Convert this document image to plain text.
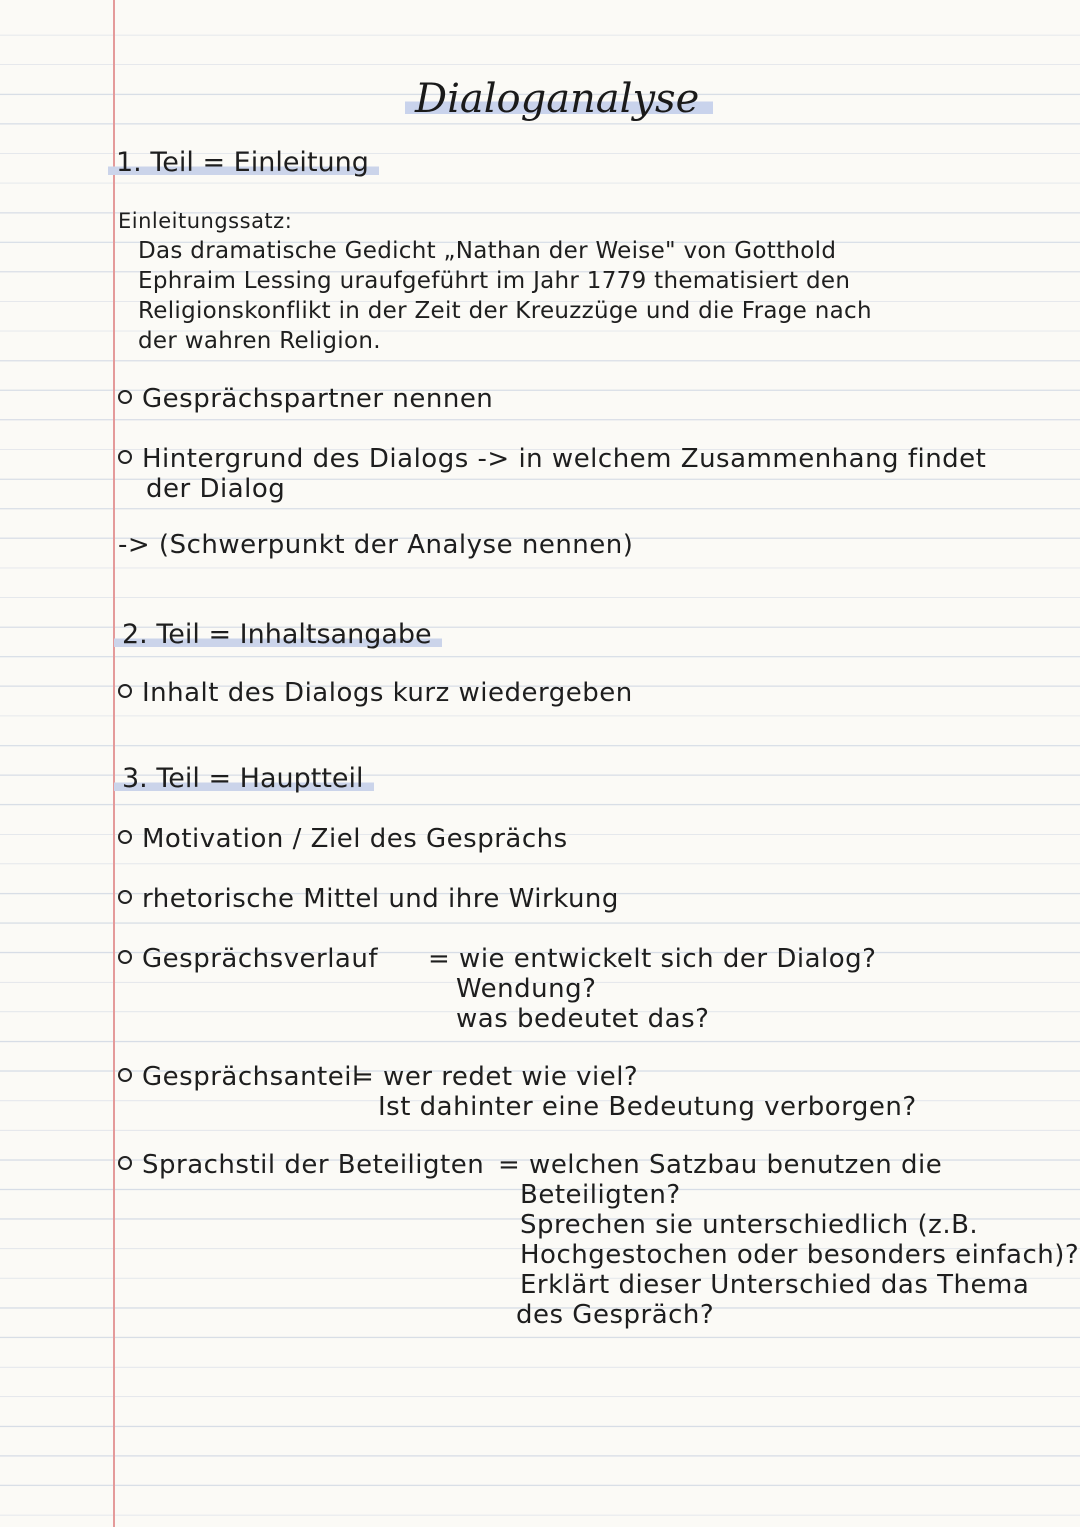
Dialoganalyse
1. Teil = Einleitung
Einleitungssatz:
Das dramatische Gedicht „Nathan der Weise" von Gotthold
Ephraim Lessing uraufgeführt im Jahr 1779 thematisiert den
Religionskonflikt in der Zeit der Kreuzzüge und die Frage nach
der wahren Religion.
Gesprächspartner nennen
Hintergrund des Dialogs -> in welchem Zusammenhang findet
der Dialog
-> (Schwerpunkt der Analyse nennen)
2. Teil = Inhaltsangabe
Inhalt des Dialogs kurz wiedergeben
3. Teil = Hauptteil
Motivation / Ziel des Gesprächs
rhetorische Mittel und ihre Wirkung
Gesprächsverlauf = wie entwickelt sich der Dialog?
Wendung?
was bedeutet das?
Gesprächsanteil
= wer redet wie viel?
Ist dahinter eine Bedeutung verborgen?
Sprachstil der Beteiligten = welchen Satzbau benutzen die
Beteiligten?
Sprechen sie unterschiedlich (z.B.
Hochgestochen oder besonders einfach)?
Erklärt dieser Unterschied das Thema
des Gespräch?
